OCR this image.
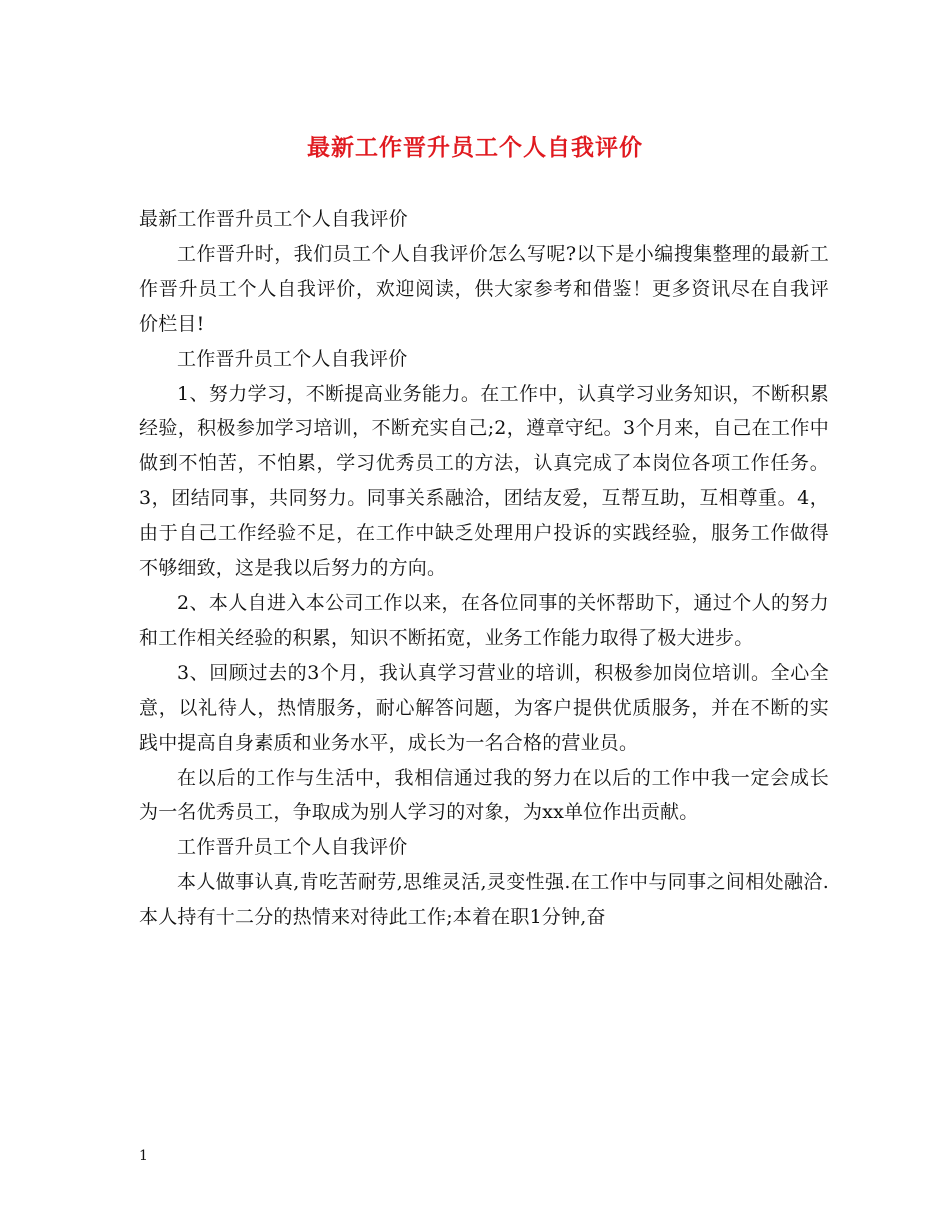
最新工作晋升员工个人自我评价

最新工作晋升员工个人自我评价

工作晋升时，我们员工个人自我评价怎么写呢?以下是小编搜集整理的最新工作晋升员工个人自我评价，欢迎阅读，供大家参考和借鉴！更多资讯尽在自我评价栏目!

工作晋升员工个人自我评价

1、努力学习，不断提高业务能力。在工作中，认真学习业务知识，不断积累经验，积极参加学习培训，不断充实自己;2，遵章守纪。3个月来，自己在工作中做到不怕苦，不怕累，学习优秀员工的方法，认真完成了本岗位各项工作任务。3，团结同事，共同努力。同事关系融洽，团结友爱，互帮互助，互相尊重。4，由于自己工作经验不足，在工作中缺乏处理用户投诉的实践经验，服务工作做得不够细致，这是我以后努力的方向。

2、本人自进入本公司工作以来，在各位同事的关怀帮助下，通过个人的努力和工作相关经验的积累，知识不断拓宽，业务工作能力取得了极大进步。

3、回顾过去的3个月，我认真学习营业的培训，积极参加岗位培训。全心全意，以礼待人，热情服务，耐心解答问题，为客户提供优质服务，并在不断的实践中提高自身素质和业务水平，成长为一名合格的营业员。

在以后的工作与生活中，我相信通过我的努力在以后的工作中我一定会成长为一名优秀员工，争取成为别人学习的对象，为xx单位作出贡献。

工作晋升员工个人自我评价

本人做事认真,肯吃苦耐劳,思维灵活,灵变性强.在工作中与同事之间相处融洽.本人持有十二分的热情来对待此工作;本着在职1分钟,奋

1
